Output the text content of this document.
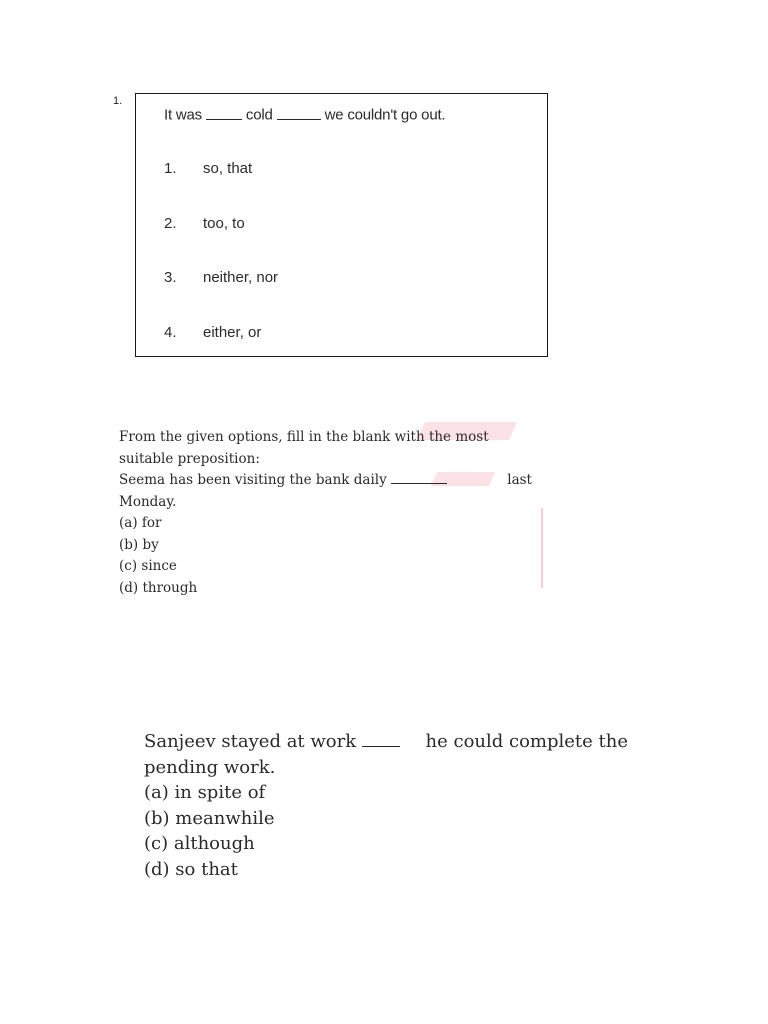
1.
It was	cold	we couldn't go out.
1. so, that
2. too, to
3. neither, nor
4. either, or
From the given options, fill in the blank with the most
suitable preposition:
Seema has been visiting the bank daily	last
Monday.
(a) for
(b) by
(c) since
(d) through
Sanjeev stayed at work	he could complete the
pending work.
(a) in spite of
(b) meanwhile
(c) although
(d) so that
